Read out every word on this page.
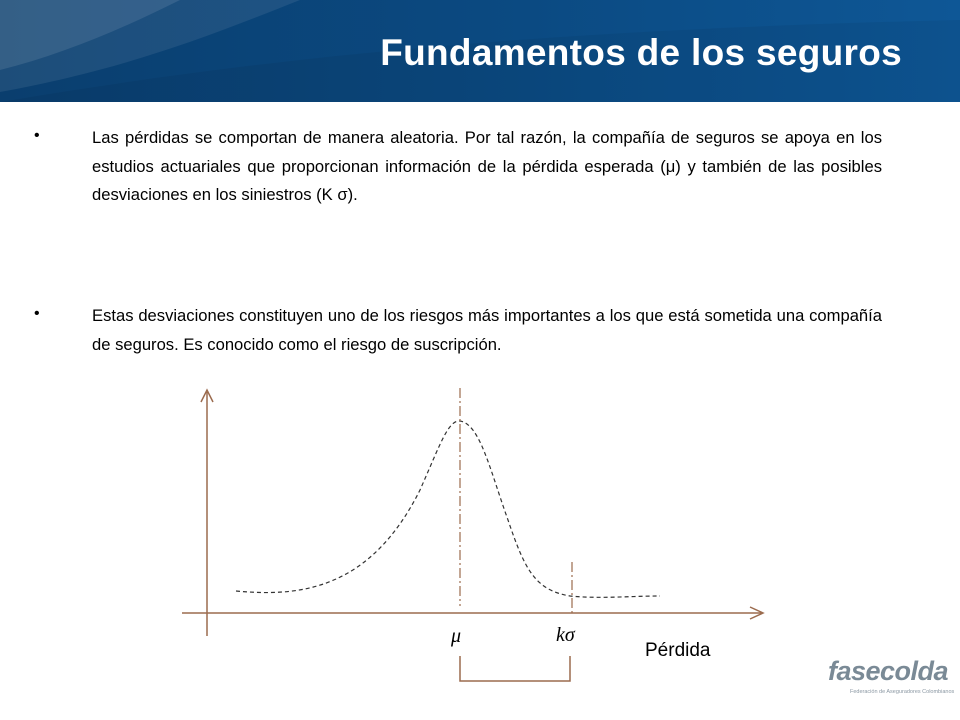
Fundamentos de los seguros
•	Las pérdidas se comportan de manera aleatoria. Por tal razón, la compañía de seguros se apoya en los estudios actuariales que proporcionan información de la pérdida esperada (μ) y también de las posibles desviaciones en los siniestros (K σ).
•	Estas desviaciones constituyen uno de los riesgos más importantes a los que está sometida una compañía de seguros. Es conocido como el riesgo de suscripción.
μ	kσ
Pérdida
fasecolda
Federación de Aseguradores Colombianos
